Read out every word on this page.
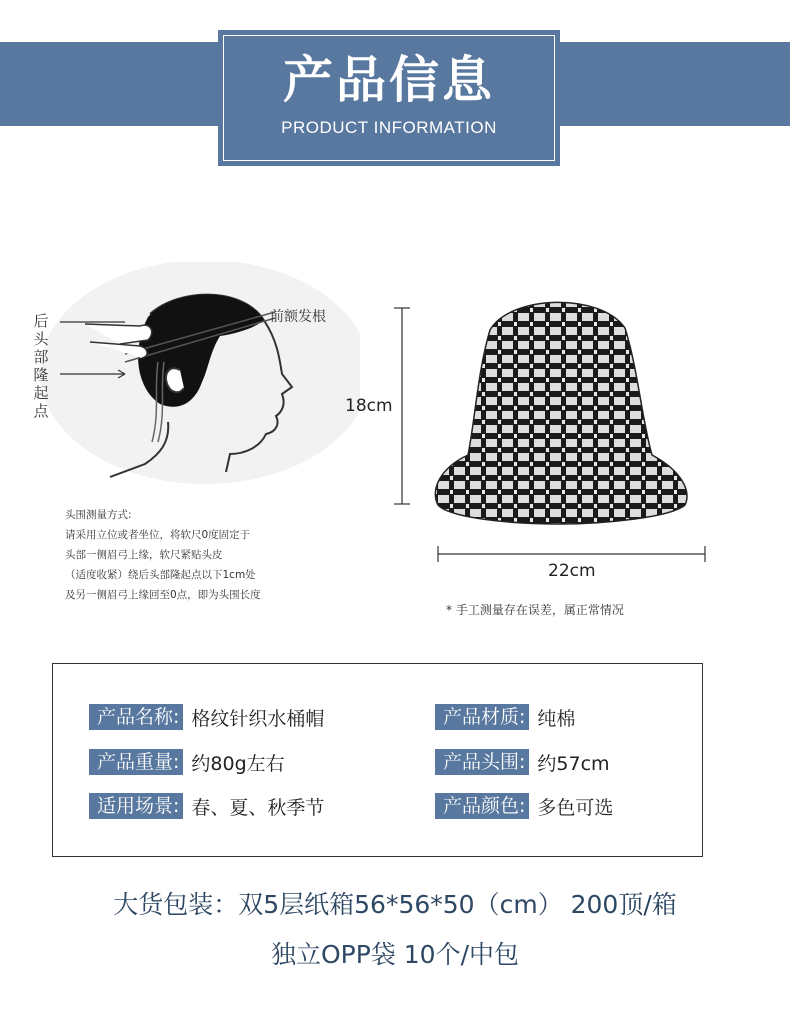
产品信息
PRODUCT INFORMATION
后头部隆起点
前额发根
头围测量方式:
请采用立位或者坐位，将软尺0度固定于
头部一侧眉弓上缘，软尺紧贴头皮
（适度收紧）绕后头部隆起点以下1cm处
及另一侧眉弓上缘回至0点，即为头围长度
18cm
22cm
* 手工测量存在误差，属正常情况
产品名称: 格纹针织水桶帽	产品材质: 纯棉
产品重量: 约80g左右	产品头围: 约57cm
适用场景: 春、夏、秋季节	产品颜色: 多色可选
大货包装：双5层纸箱56*56*50（cm） 200顶/箱
独立OPP袋 10个/中包
